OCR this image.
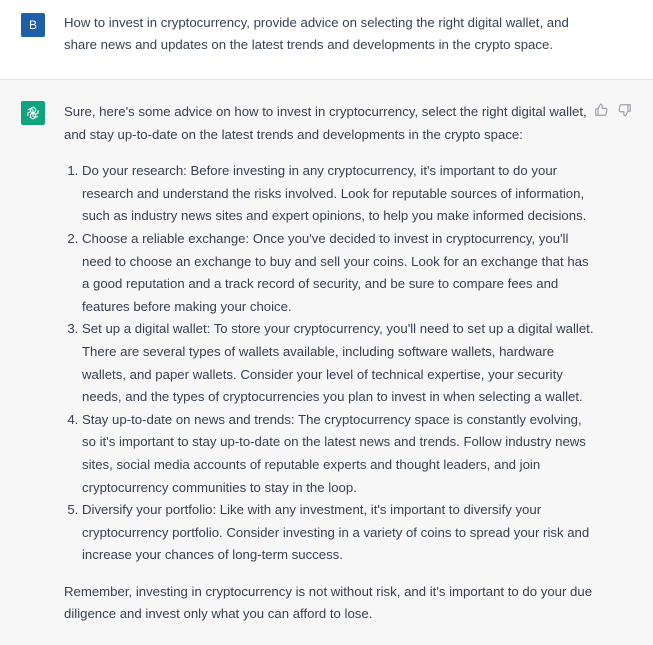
B	How to invest in cryptocurrency, provide advice on selecting the right digital wallet, and share news and updates on the latest trends and developments in the crypto space.

Sure, here's some advice on how to invest in cryptocurrency, select the right digital wallet, and stay up-to-date on the latest trends and developments in the crypto space:

1. Do your research: Before investing in any cryptocurrency, it's important to do your research and understand the risks involved. Look for reputable sources of information, such as industry news sites and expert opinions, to help you make informed decisions.
2. Choose a reliable exchange: Once you've decided to invest in cryptocurrency, you'll need to choose an exchange to buy and sell your coins. Look for an exchange that has a good reputation and a track record of security, and be sure to compare fees and features before making your choice.
3. Set up a digital wallet: To store your cryptocurrency, you'll need to set up a digital wallet. There are several types of wallets available, including software wallets, hardware wallets, and paper wallets. Consider your level of technical expertise, your security needs, and the types of cryptocurrencies you plan to invest in when selecting a wallet.
4. Stay up-to-date on news and trends: The cryptocurrency space is constantly evolving, so it's important to stay up-to-date on the latest news and trends. Follow industry news sites, social media accounts of reputable experts and thought leaders, and join cryptocurrency communities to stay in the loop.
5. Diversify your portfolio: Like with any investment, it's important to diversify your cryptocurrency portfolio. Consider investing in a variety of coins to spread your risk and increase your chances of long-term success.

Remember, investing in cryptocurrency is not without risk, and it's important to do your due diligence and invest only what you can afford to lose.
